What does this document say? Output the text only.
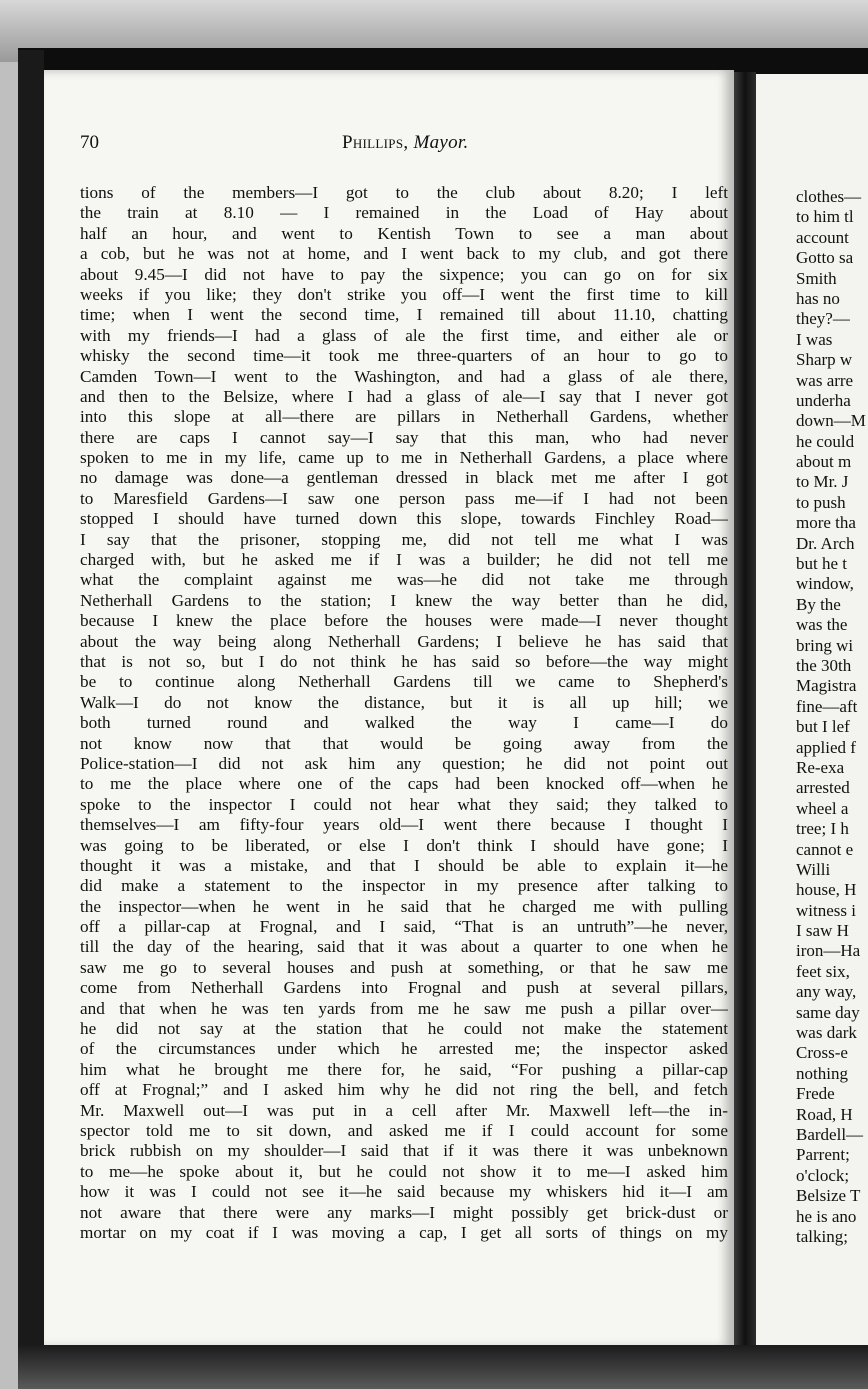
70	Phillips, Mayor.
tions of the members—I got to the club about 8.20; I left
the train at 8.10 — I remained in the Load of Hay about
half an hour, and went to Kentish Town to see a man about
a cob, but he was not at home, and I went back to my club, and got there
about 9.45—I did not have to pay the sixpence; you can go on for six
weeks if you like; they don't strike you off—I went the first time to kill
time; when I went the second time, I remained till about 11.10, chatting
with my friends—I had a glass of ale the first time, and either ale or
whisky the second time—it took me three-quarters of an hour to go to
Camden Town—I went to the Washington, and had a glass of ale there,
and then to the Belsize, where I had a glass of ale—I say that I never got
into this slope at all—there are pillars in Netherhall Gardens, whether
there are caps I cannot say—I say that this man, who had never
spoken to me in my life, came up to me in Netherhall Gardens, a place where
no damage was done—a gentleman dressed in black met me after I got
to Maresfield Gardens—I saw one person pass me—if I had not been
stopped I should have turned down this slope, towards Finchley Road—
I say that the prisoner, stopping me, did not tell me what I was
charged with, but he asked me if I was a builder; he did not tell me
what the complaint against me was—he did not take me through
Netherhall Gardens to the station; I knew the way better than he did,
because I knew the place before the houses were made—I never thought
about the way being along Netherhall Gardens; I believe he has said that
that is not so, but I do not think he has said so before—the way might
be to continue along Netherhall Gardens till we came to Shepherd's
Walk—I do not know the distance, but it is all up hill; we
both turned round and walked the way I came—I do
not know now that that would be going away from the
Police-station—I did not ask him any question; he did not point out
to me the place where one of the caps had been knocked off—when he
spoke to the inspector I could not hear what they said; they talked to
themselves—I am fifty-four years old—I went there because I thought I
was going to be liberated, or else I don't think I should have gone; I
thought it was a mistake, and that I should be able to explain it—he
did make a statement to the inspector in my presence after talking to
the inspector—when he went in he said that he charged me with pulling
off a pillar-cap at Frognal, and I said, “That is an untruth”—he never,
till the day of the hearing, said that it was about a quarter to one when he
saw me go to several houses and push at something, or that he saw me
come from Netherhall Gardens into Frognal and push at several pillars,
and that when he was ten yards from me he saw me push a pillar over—
he did not say at the station that he could not make the statement
of the circumstances under which he arrested me; the inspector asked
him what he brought me there for, he said, “For pushing a pillar-cap
off at Frognal;” and I asked him why he did not ring the bell, and fetch
Mr. Maxwell out—I was put in a cell after Mr. Maxwell left—the in-
spector told me to sit down, and asked me if I could account for some
brick rubbish on my shoulder—I said that if it was there it was unbeknown
to me—he spoke about it, but he could not show it to me—I asked him
how it was I could not see it—he said because my whiskers hid it—I am
not aware that there were any marks—I might possibly get brick-dust or
mortar on my coat if I was moving a cap, I get all sorts of things on my
clothes—
to him tl
account
Gotto sa
Smith
has no
they?—
I was
Sharp w
was arre
underha
down—M
he could
about m
to Mr. J
to push
more tha
Dr. Arch
but he t
window,
By the
was the
bring wi
the 30th
Magistra
fine—aft
but I lef
applied f
Re-exa
arrested
wheel a
tree; I h
cannot e
Willi
house, H
witness i
I saw H
iron—Ha
feet six,
any way,
same day
was dark
Cross-e
nothing
Frede
Road, H
Bardell—
Parrent;
o'clock;
Belsize T
he is ano
talking;
